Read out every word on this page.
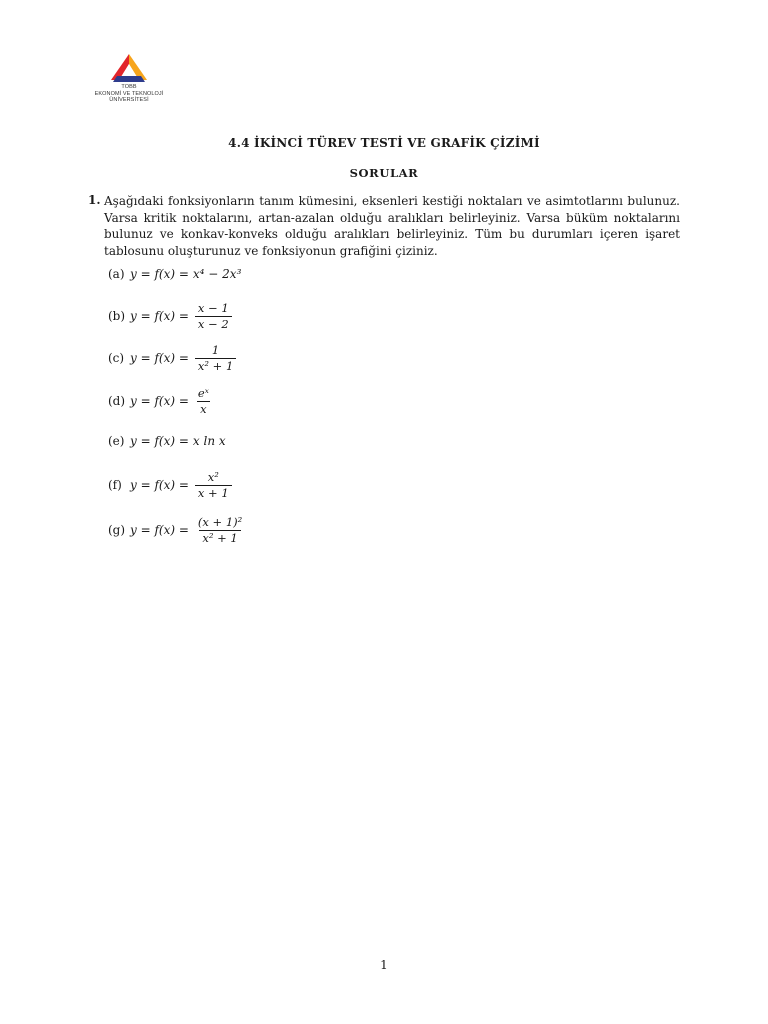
TOBB
EKONOMİ VE TEKNOLOJİ
ÜNİVERSİTESİ
4.4 İKİNCİ TÜREV TESTİ VE GRAFİK ÇİZİMİ
SORULAR
1. Aşağıdaki fonksiyonların tanım kümesini, eksenleri kestiği noktaları ve asimtotlarını bulunuz. Varsa kritik noktalarını, artan-azalan olduğu aralıkları belirleyiniz. Varsa büküm noktalarını bulunuz ve konkav-konveks olduğu aralıkları belirleyiniz. Tüm bu durumları içeren işaret tablosunu oluşturunuz ve fonksiyonun grafiğini çiziniz.
(a) y = f(x) = x⁴ − 2x³
(b) $y = f(x) = \frac{x - 1}{x - 2}$
(c) $y = f(x) = \frac{1}{\text{x² + 1}}$
(d) $y = f(x) = \frac{\text{eˣ}}{x}$
(e) y = f(x) = x ln x
(f) $y = f(x) = \frac{\text{x²}}{x + 1}$
(g) $y = f(x) = \frac{\text{(x + 1)²}}{\text{x² + 1}}$
1
